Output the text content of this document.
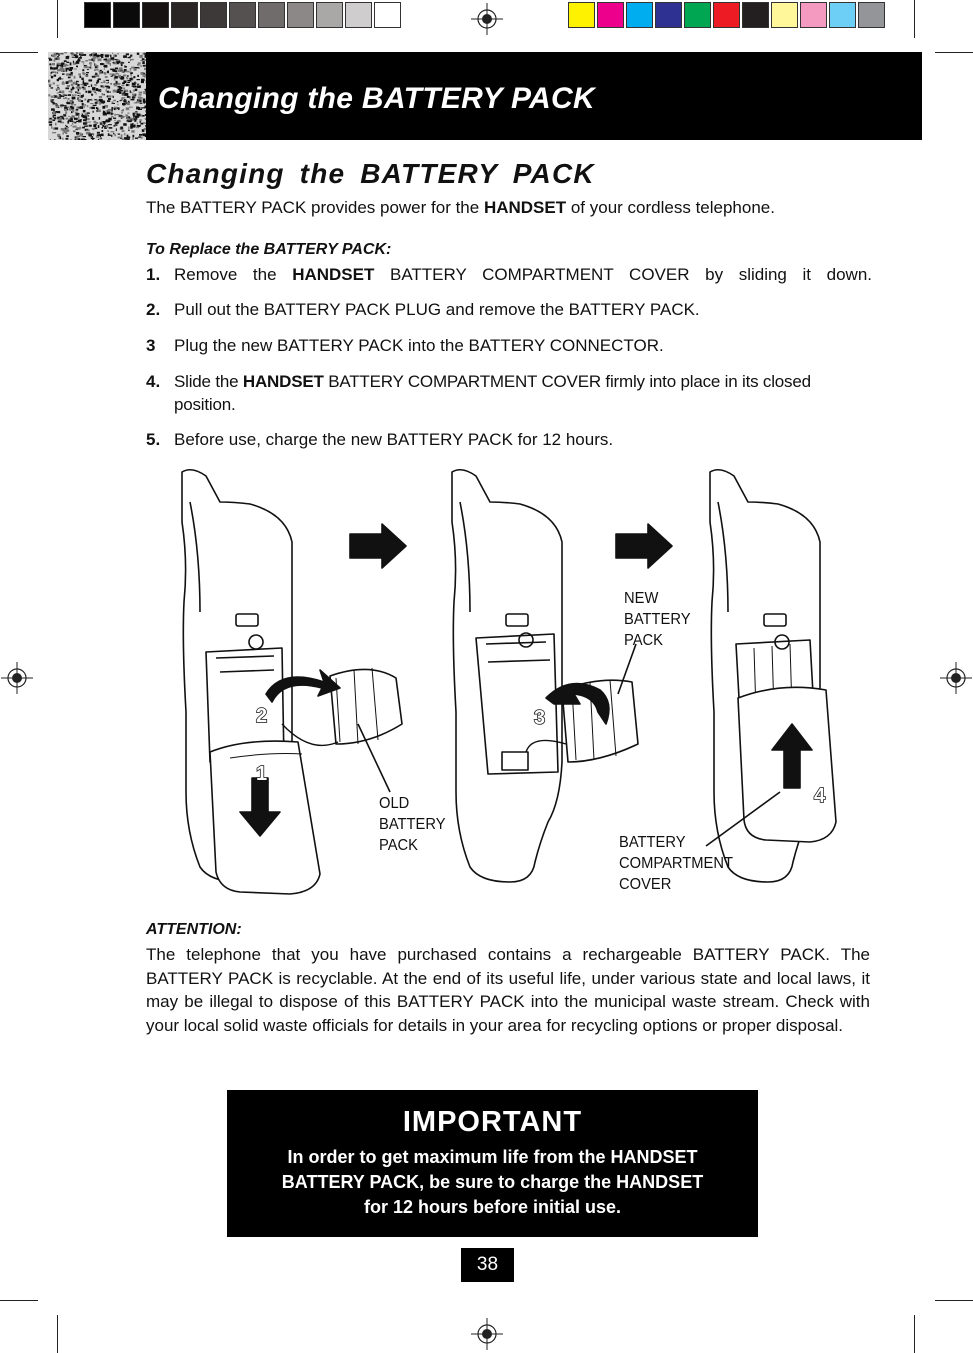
Changing the BATTERY PACK
Changing the BATTERY PACK
The BATTERY PACK provides power for the HANDSET of your cordless telephone.
To Replace the BATTERY PACK:
1. Remove the HANDSET BATTERY COMPARTMENT COVER by sliding it down.
2. Pull out the BATTERY PACK PLUG and remove the BATTERY PACK.
3 Plug the new BATTERY PACK into the BATTERY CONNECTOR.
4. Slide the HANDSET BATTERY COMPARTMENT COVER firmly into place in its closed position.
5. Before use, charge the new BATTERY PACK for 12 hours.
1
2	3
4
NEW
BATTERY
PACK
OLD
BATTERY
PACK	BATTERY
COMPARTMENT
COVER
ATTENTION:
The telephone that you have purchased contains a rechargeable BATTERY PACK. The BATTERY PACK is recyclable. At the end of its useful life, under various state and local laws, it may be illegal to dispose of this BATTERY PACK into the municipal waste stream. Check with your local solid waste officials for details in your area for recycling options or proper disposal.
IMPORTANT
In order to get maximum life from the HANDSET
BATTERY PACK, be sure to charge the HANDSET
for 12 hours before initial use.
38
